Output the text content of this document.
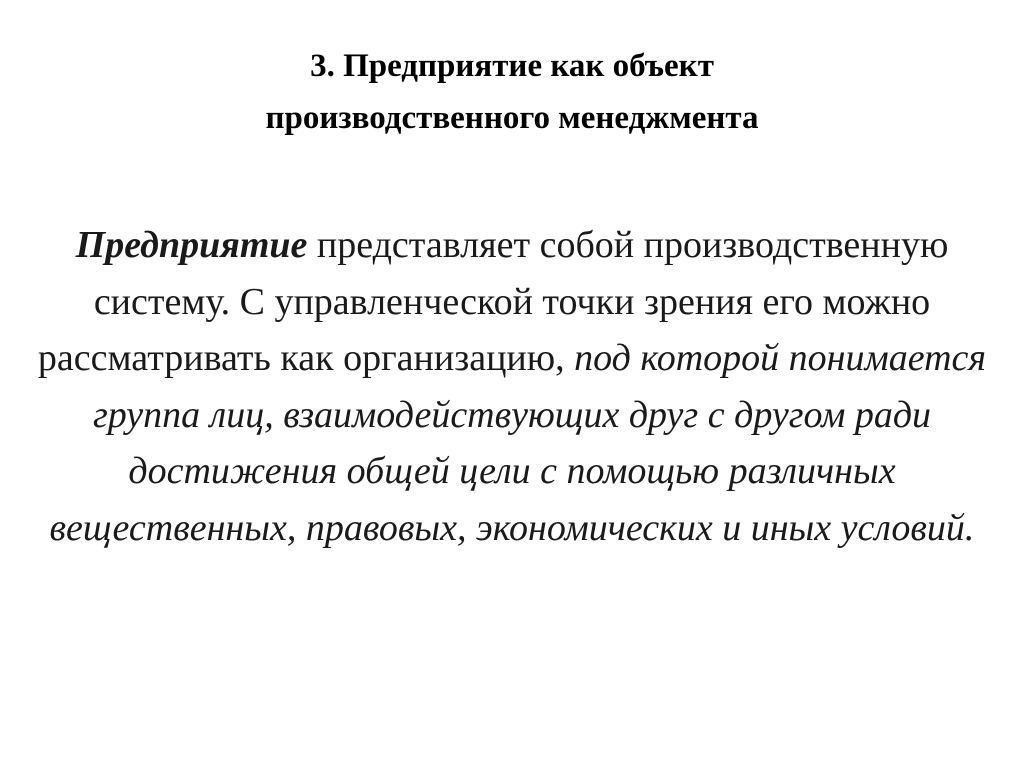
3. Предприятие как объект
производственного менеджмента

Предприятие представляет собой производственную систему. С управленческой точки зрения его можно рассматривать как организацию, под которой понимается группа лиц, взаимодействующих друг с другом ради достижения общей цели с помощью различных вещественных, правовых, экономических и иных условий.
